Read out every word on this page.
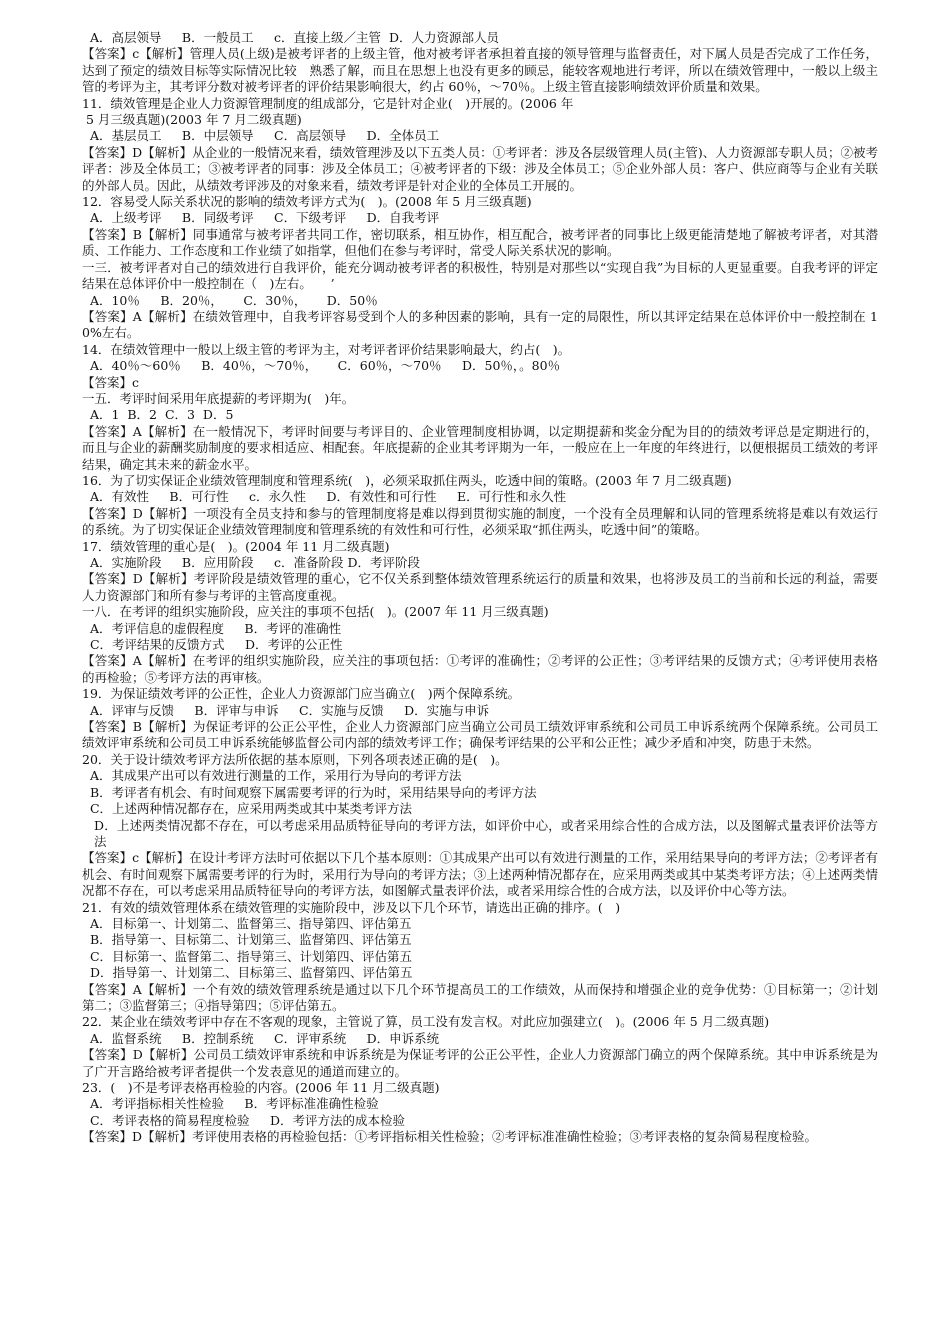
A．高层领导  　B．一般员工  　c．直接上级／主管  D．人力资源部人员
【答案】c【解析】管理人员(上级)是被考评者的上级主管，他对被考评者承担着直接的领导管理与监督责任，对下属人员是否完成了工作任务，达到了预定的绩效目标等实际情况比较　熟悉了解，而且在思想上也没有更多的顾忌，能较客观地进行考评，所以在绩效管理中，一般以上级主管的考评为主，其考评分数对被考评者的评价结果影响很大，约占 60％，～70％。上级主管直接影响绩效评价质量和效果。
11．绩效管理是企业人力资源管理制度的组成部分，它是针对企业(　)开展的。(2006 年
5 月三级真题)(2003 年 7 月二级真题)
A．基层员工  　B．中层领导  　C．高层领导  　D．全体员工
【答案】D【解析】从企业的一般情况来看，绩效管理涉及以下五类人员：①考评者：涉及各层级管理人员(主管)、人力资源部专职人员；②被考评者：涉及全体员工；③被考评者的同事：涉及全体员工；④被考评者的下级：涉及全体员工；⑤企业外部人员：客户、供应商等与企业有关联的外部人员。因此，从绩效考评涉及的对象来看，绩效考评是针对企业的全体员工开展的。
12．容易受人际关系状况的影响的绩效考评方式为(　)。(2008 年 5 月三级真题)
A．上级考评  　B．同级考评  　C．下级考评  　D．自我考评
【答案】B【解析】同事通常与被考评者共同工作，密切联系，相互协作，相互配合，被考评者的同事比上级更能清楚地了解被考评者，对其潜质、工作能力、工作态度和工作业绩了如指掌，但他们在参与考评时，常受人际关系状况的影响。
一三．被考评者对自己的绩效进行自我评价，能充分调动被考评者的积极性，特别是对那些以“实现自我”为目标的人更显重要。自我考评的评定结果在总体评价中一般控制在（　)左右。　　’
A．10％  　B．20％，  　C．30％，  　D．50％
【答案】A【解析】在绩效管理中，自我考评容易受到个人的多种因素的影响，具有一定的局限性，所以其评定结果在总体评价中一般控制在 10%左右。
14．在绩效管理中一般以上级主管的考评为主，对考评者评价结果影响最大，约占(　)。
A．40％～60％  　B．40％，～70％，  　C．60％，～70％  　D．50％，。80％
【答案】c
一五．考评时间采用年底提薪的考评期为(　)年。
A．1  B．2  C．3  D．5
【答案】A【解析】在一般情况下，考评时间要与考评目的、企业管理制度相协调，以定期提薪和奖金分配为目的的绩效考评总是定期进行的，而且与企业的薪酬奖励制度的要求相适应、相配套。年底提薪的企业其考评期为一年，一般应在上一年度的年终进行，以便根据员工绩效的考评结果，确定其未来的薪金水平。
16．为了切实保证企业绩效管理制度和管理系统(　)，必须采取抓住两头，吃透中间的策略。(2003 年 7 月二级真题)
A．有效性  　B．可行性  　c．永久性  　D．有效性和可行性  　E．可行性和永久性
【答案】D【解析】一项没有全员支持和参与的管理制度将是难以得到贯彻实施的制度，一个没有全员理解和认同的管理系统将是难以有效运行的系统。为了切实保证企业绩效管理制度和管理系统的有效性和可行性，必须采取“抓住两头，吃透中间”的策略。
17．绩效管理的重心是(　)。(2004 年 11 月二级真题)
A．实施阶段  　B．应用阶段  　c．准备阶段 D．考评阶段
【答案】D【解析】考评阶段是绩效管理的重心，它不仅关系到整体绩效管理系统运行的质量和效果，也将涉及员工的当前和长远的利益，需要人力资源部门和所有参与考评的主管高度重视。
一八．在考评的组织实施阶段，应关注的事项不包括(　)。(2007 年 11 月三级真题)
A．考评信息的虚假程度  　B．考评的准确性
C．考评结果的反馈方式  　D．考评的公正性
【答案】A【解析】在考评的组织实施阶段，应关注的事项包括：①考评的准确性；②考评的公正性；③考评结果的反馈方式；④考评使用表格的再检验；⑤考评方法的再审核。
19．为保证绩效考评的公正性，企业人力资源部门应当确立(　)两个保障系统。
A．评审与反馈  　B．评审与申诉  　C．实施与反馈  　D．实施与申诉
【答案】B【解析】为保证考评的公正公平性，企业人力资源部门应当确立公司员工绩效评审系统和公司员工申诉系统两个保障系统。公司员工绩效评审系统和公司员工申诉系统能够监督公司内部的绩效考评工作；确保考评结果的公平和公正性；减少矛盾和冲突，防患于未然。
20．关于设计绩效考评方法所依据的基本原则，下列各项表述正确的是(　)。
A．其成果产出可以有效进行测量的工作，采用行为导向的考评方法
B．考评者有机会、有时间观察下属需要考评的行为时，采用结果导向的考评方法
C．上述两种情况都存在，应采用两类或其中某类考评方法
D．上述两类情况都不存在，可以考虑采用品质特征导向的考评方法，如评价中心，或者采用综合性的合成方法，以及图解式量表评价法等方法
【答案】c【解析】在设计考评方法时可依据以下几个基本原则：①其成果产出可以有效进行测量的工作，采用结果导向的考评方法；②考评者有机会、有时间观察下属需要考评的行为时，采用行为导向的考评方法；③上述两种情况都存在，应采用两类或其中某类考评方法；④上述两类情况都不存在，可以考虑采用品质特征导向的考评方法，如图解式量表评价法，或者采用综合性的合成方法，以及评价中心等方法。
21．有效的绩效管理体系在绩效管理的实施阶段中，涉及以下几个环节，请选出正确的排序。(　)
A．目标第一、计划第二、监督第三、指导第四、评估第五
B．指导第一、目标第二、计划第三、监督第四、评估第五
C．目标第一、监督第二、指导第三、计划第四、评估第五
D．指导第一、计划第二、目标第三、监督第四、评估第五
【答案】A【解析】一个有效的绩效管理系统是通过以下几个环节提高员工的工作绩效，从而保持和增强企业的竞争优势：①目标第一；②计划第二；③监督第三；④指导第四；⑤评估第五。
22．某企业在绩效考评中存在不客观的现象，主管说了算，员工没有发言权。对此应加强建立(　)。(2006 年 5 月二级真题)
A．监督系统  　B．控制系统  　C．评审系统  　D．申诉系统
【答案】D【解析】公司员工绩效评审系统和申诉系统是为保证考评的公正公平性，企业人力资源部门确立的两个保障系统。其中申诉系统是为了广开言路给被考评者提供一个发表意见的通道而建立的。
23．(　)不是考评表格再检验的内容。(2006 年 11 月二级真题)
A．考评指标相关性检验  　B．考评标准准确性检验
C．考评表格的简易程度检验  　D．考评方法的成本检验
【答案】D【解析】考评使用表格的再检验包括：①考评指标相关性检验；②考评标准准确性检验；③考评表格的复杂简易程度检验。
